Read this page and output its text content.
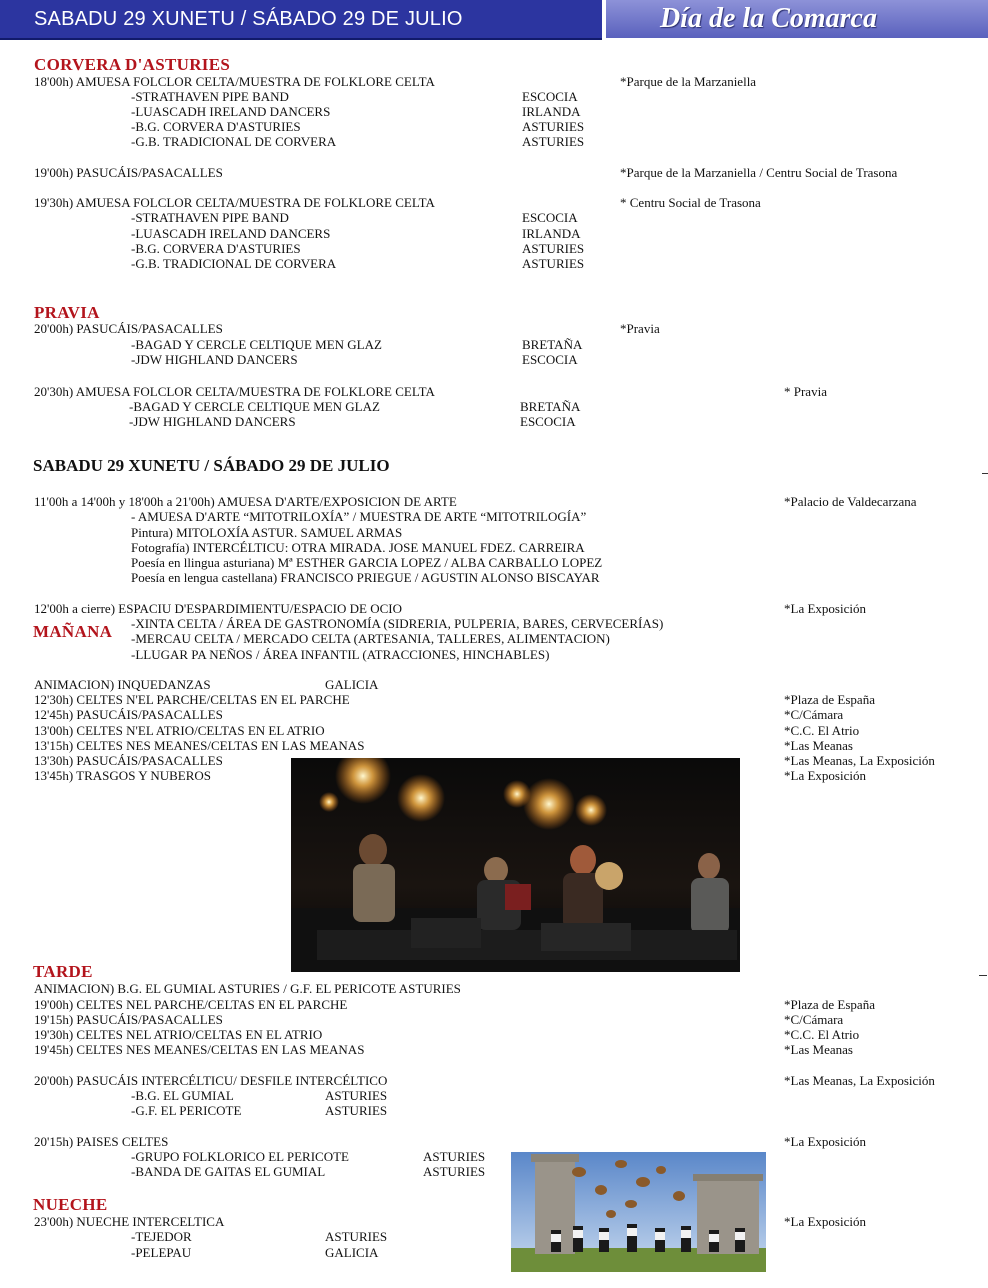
SABADU 29 XUNETU / SÁBADO 29 DE JULIO	Día de la Comarca
CORVERA D'ASTURIES
18'00h) AMUESA FOLCLOR CELTA/MUESTRA DE FOLKLORE CELTA	*Parque de la Marzaniella
-STRATHAVEN PIPE BAND	ESCOCIA
-LUASCADH IRELAND DANCERS	IRLANDA
-B.G. CORVERA D'ASTURIES	ASTURIES
-G.B. TRADICIONAL DE CORVERA	ASTURIES
19'00h) PASUCÁIS/PASACALLES	*Parque de la Marzaniella / Centru Social de Trasona
19'30h) AMUESA FOLCLOR CELTA/MUESTRA DE FOLKLORE CELTA	* Centru Social de Trasona
-STRATHAVEN PIPE BAND	ESCOCIA
-LUASCADH IRELAND DANCERS	IRLANDA
-B.G. CORVERA D'ASTURIES	ASTURIES
-G.B. TRADICIONAL DE CORVERA	ASTURIES
PRAVIA
20'00h) PASUCÁIS/PASACALLES	*Pravia
-BAGAD Y CERCLE CELTIQUE MEN GLAZ	BRETAÑA
-JDW HIGHLAND DANCERS	ESCOCIA
20'30h) AMUESA FOLCLOR CELTA/MUESTRA DE FOLKLORE CELTA	* Pravia
-BAGAD Y CERCLE CELTIQUE MEN GLAZ	BRETAÑA
-JDW HIGHLAND DANCERS	ESCOCIA
SABADU 29 XUNETU / SÁBADO 29 DE JULIO
11'00h a 14'00h y 18'00h a 21'00h) AMUESA D'ARTE/EXPOSICION DE ARTE	*Palacio de Valdecarzana
- AMUESA D'ARTE “MITOTRILOXÍA” / MUESTRA DE ARTE “MITOTRILOGÍA”
Pintura) MITOLOXÍA ASTUR. SAMUEL ARMAS
Fotografía) INTERCÉLTICU: OTRA MIRADA. JOSE MANUEL FDEZ. CARREIRA
Poesía en llingua asturiana) Mª ESTHER GARCIA LOPEZ / ALBA CARBALLO LOPEZ
Poesía en lengua castellana) FRANCISCO PRIEGUE / AGUSTIN ALONSO BISCAYAR
12'00h a cierre) ESPACIU D'ESPARDIMIENTU/ESPACIO DE OCIO	*La Exposición
-XINTA CELTA / ÁREA DE GASTRONOMÍA (SIDRERIA, PULPERIA, BARES, CERVECERÍAS)
MAÑANA -MERCAU CELTA / MERCADO CELTA (ARTESANIA, TALLERES, ALIMENTACION)
-LLUGAR PA NEÑOS / ÁREA INFANTIL (ATRACCIONES, HINCHABLES)
ANIMACION) INQUEDANZAS	GALICIA
12'30h) CELTES N'EL PARCHE/CELTAS EN EL PARCHE	*Plaza de España
12'45h) PASUCÁIS/PASACALLES	*C/Cámara
13'00h) CELTES N'EL ATRIO/CELTAS EN EL ATRIO	*C.C. El Atrio
13'15h) CELTES NES MEANES/CELTAS EN LAS MEANAS	*Las Meanas
13'30h) PASUCÁIS/PASACALLES	*Las Meanas, La Exposición
13'45h) TRASGOS Y NUBEROS	*La Exposición
TARDE
ANIMACION) B.G. EL GUMIAL ASTURIES / G.F. EL PERICOTE ASTURIES
19'00h) CELTES NEL PARCHE/CELTAS EN EL PARCHE	*Plaza de España
19'15h) PASUCÁIS/PASACALLES	*C/Cámara
19'30h) CELTES NEL ATRIO/CELTAS EN EL ATRIO	*C.C. El Atrio
19'45h) CELTES NES MEANES/CELTAS EN LAS MEANAS	*Las Meanas
20'00h) PASUCÁIS INTERCÉLTICU/ DESFILE INTERCÉLTICO	*Las Meanas, La Exposición
-B.G. EL GUMIAL	ASTURIES
-G.F. EL PERICOTE	ASTURIES
20'15h) PAISES CELTES	*La Exposición
-GRUPO FOLKLORICO EL PERICOTE	ASTURIES
-BANDA DE GAITAS EL GUMIAL	ASTURIES
NUECHE
23'00h) NUECHE INTERCELTICA	*La Exposición
-TEJEDOR	ASTURIES
-PELEPAU	GALICIA
